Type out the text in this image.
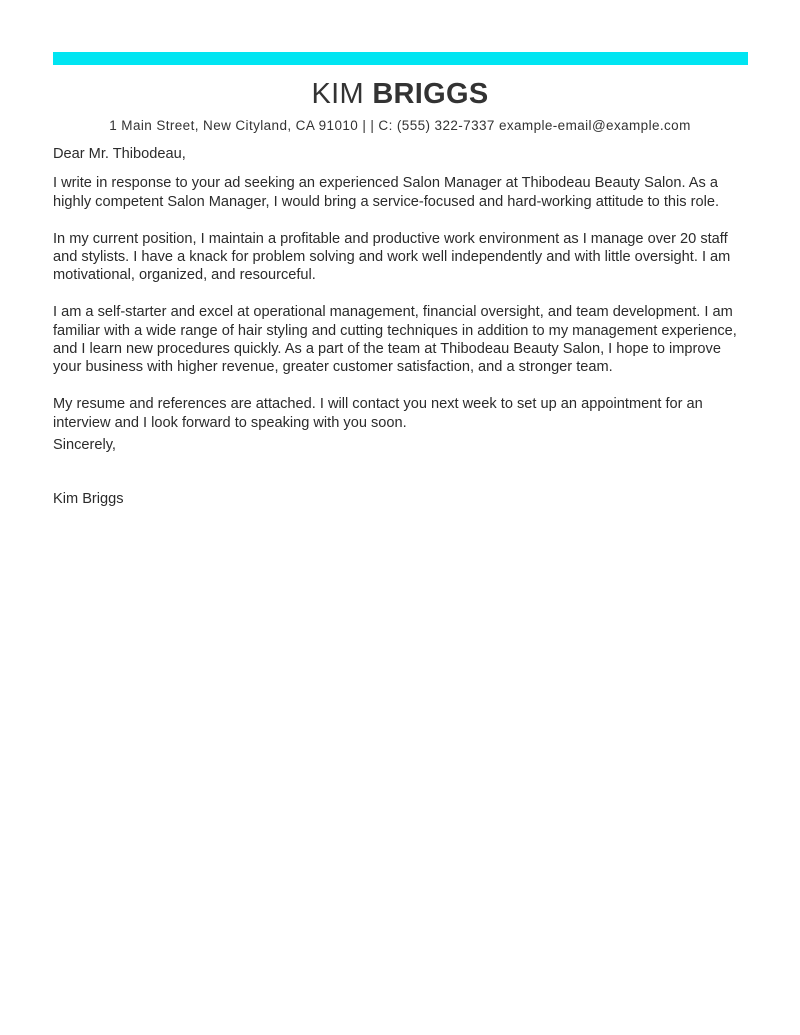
KIM BRIGGS
1 Main Street, New Cityland, CA 91010 | | C: (555) 322-7337 example-email@example.com

Dear Mr. Thibodeau,

I write in response to your ad seeking an experienced Salon Manager at Thibodeau Beauty Salon. As a highly competent Salon Manager, I would bring a service-focused and hard-working attitude to this role.

In my current position, I maintain a profitable and productive work environment as I manage over 20 staff and stylists. I have a knack for problem solving and work well independently and with little oversight. I am motivational, organized, and resourceful.

I am a self-starter and excel at operational management, financial oversight, and team development. I am familiar with a wide range of hair styling and cutting techniques in addition to my management experience, and I learn new procedures quickly. As a part of the team at Thibodeau Beauty Salon, I hope to improve your business with higher revenue, greater customer satisfaction, and a stronger team.

My resume and references are attached. I will contact you next week to set up an appointment for an interview and I look forward to speaking with you soon.

Sincerely,

Kim Briggs
